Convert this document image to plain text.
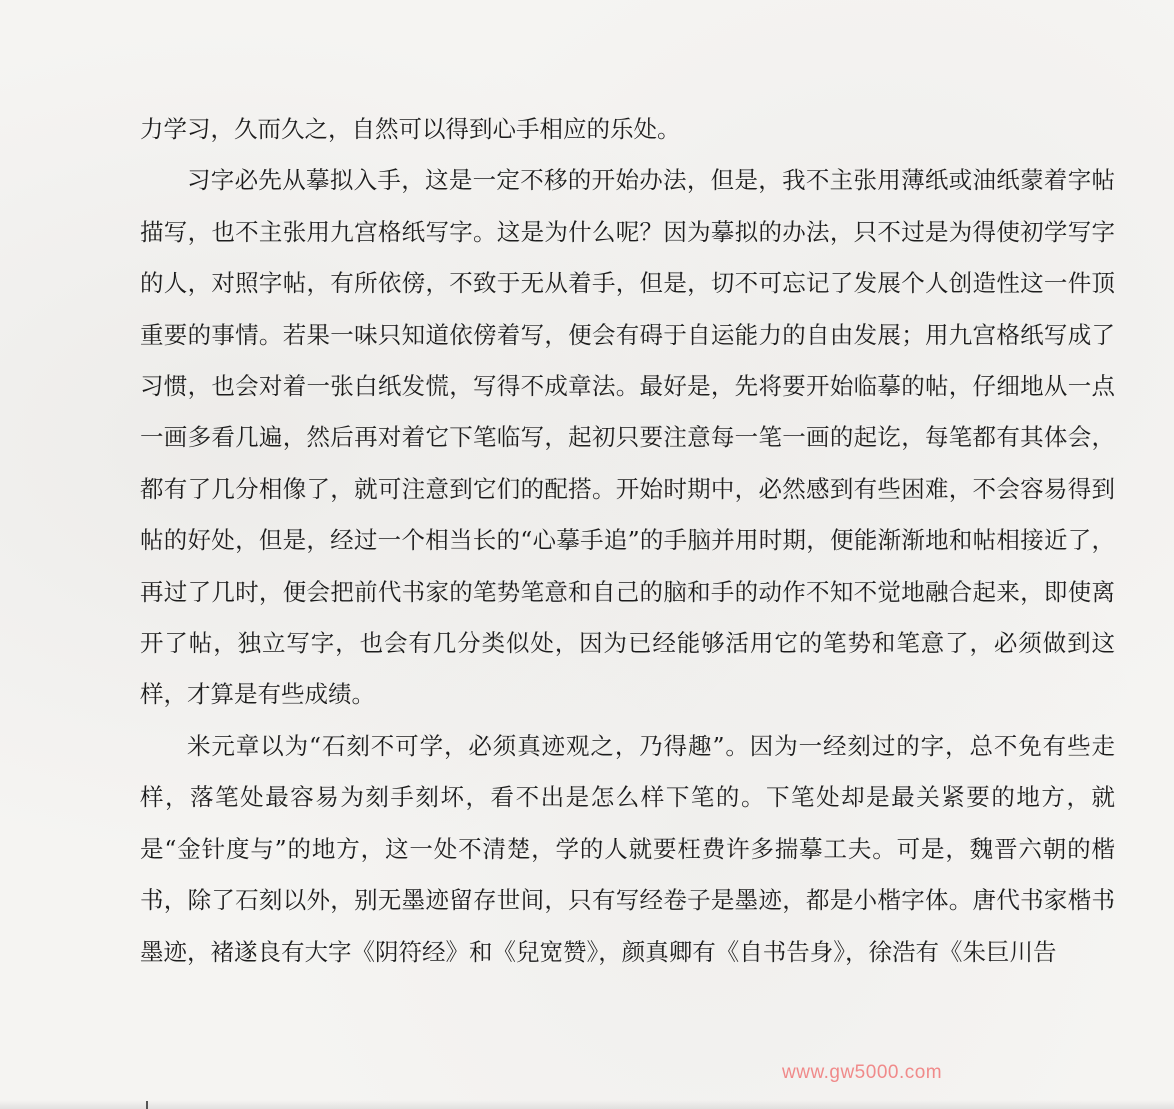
力学习，久而久之，自然可以得到心手相应的乐处。

习字必先从摹拟入手，这是一定不移的开始办法，但是，我不主张用薄纸或油纸蒙着字帖描写，也不主张用九宫格纸写字。这是为什么呢？因为摹拟的办法，只不过是为得使初学写字的人，对照字帖，有所依傍，不致于无从着手，但是，切不可忘记了发展个人创造性这一件顶重要的事情。若果一味只知道依傍着写，便会有碍于自运能力的自由发展；用九宫格纸写成了习惯，也会对着一张白纸发慌，写得不成章法。最好是，先将要开始临摹的帖，仔细地从一点一画多看几遍，然后再对着它下笔临写，起初只要注意每一笔一画的起讫，每笔都有其体会，都有了几分相像了，就可注意到它们的配搭。开始时期中，必然感到有些困难，不会容易得到帖的好处，但是，经过一个相当长的“心摹手追”的手脑并用时期，便能渐渐地和帖相接近了，再过了几时，便会把前代书家的笔势笔意和自己的脑和手的动作不知不觉地融合起来，即使离开了帖，独立写字，也会有几分类似处，因为已经能够活用它的笔势和笔意了，必须做到这样，才算是有些成绩。

米元章以为“石刻不可学，必须真迹观之，乃得趣”。因为一经刻过的字，总不免有些走样，落笔处最容易为刻手刻坏，看不出是怎么样下笔的。下笔处却是最关紧要的地方，就是“金针度与”的地方，这一处不清楚，学的人就要枉费许多揣摹工夫。可是，魏晋六朝的楷书，除了石刻以外，别无墨迹留存世间，只有写经卷子是墨迹，都是小楷字体。唐代书家楷书墨迹，褚遂良有大字《阴符经》和《兒宽赞》，颜真卿有《自书告身》，徐浩有《朱巨川告

www.gw5000.com
